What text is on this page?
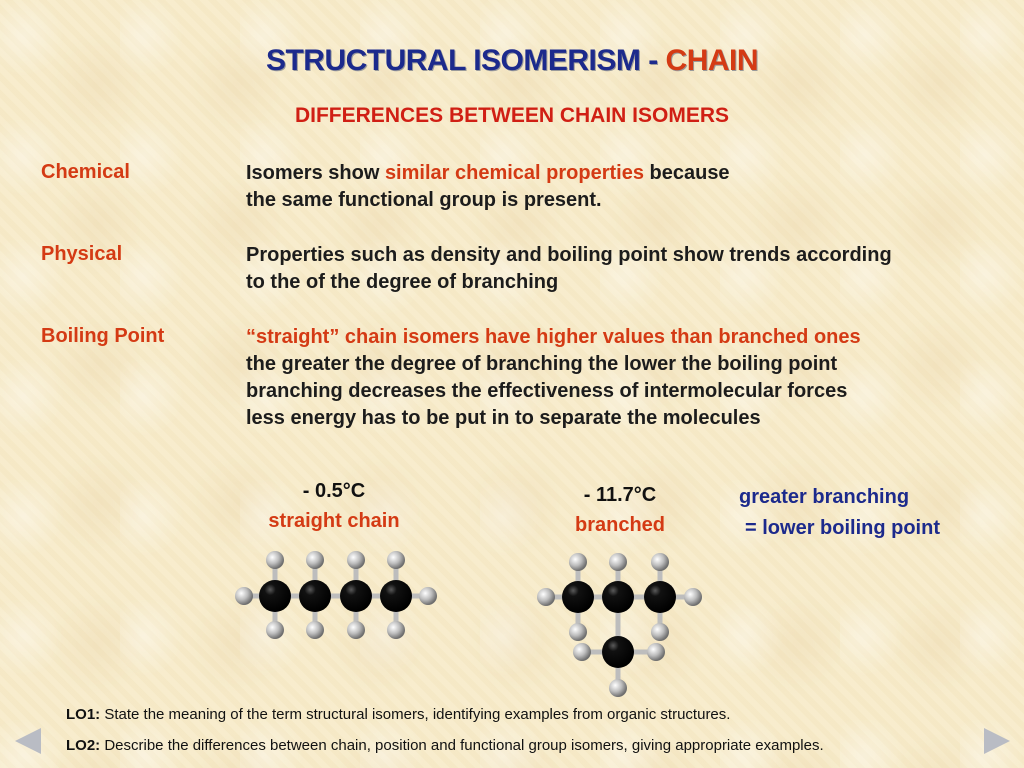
STRUCTURAL ISOMERISM - CHAIN
DIFFERENCES BETWEEN CHAIN ISOMERS
Chemical	Isomers show similar chemical properties because
the same functional group is present.
Physical	Properties such as density and boiling point show trends according
to the of the degree of branching
Boiling Point	“straight” chain isomers have higher values than branched ones
the greater the degree of branching the lower the boiling point
branching decreases the effectiveness of intermolecular forces
less energy has to be put in to separate the molecules
- 0.5°C
straight chain
- 11.7°C
branched
greater branching
= lower boiling point
LO1: State the meaning of the term structural isomers, identifying examples from organic structures.
LO2: Describe the differences between chain, position and functional group isomers, giving appropriate examples.
